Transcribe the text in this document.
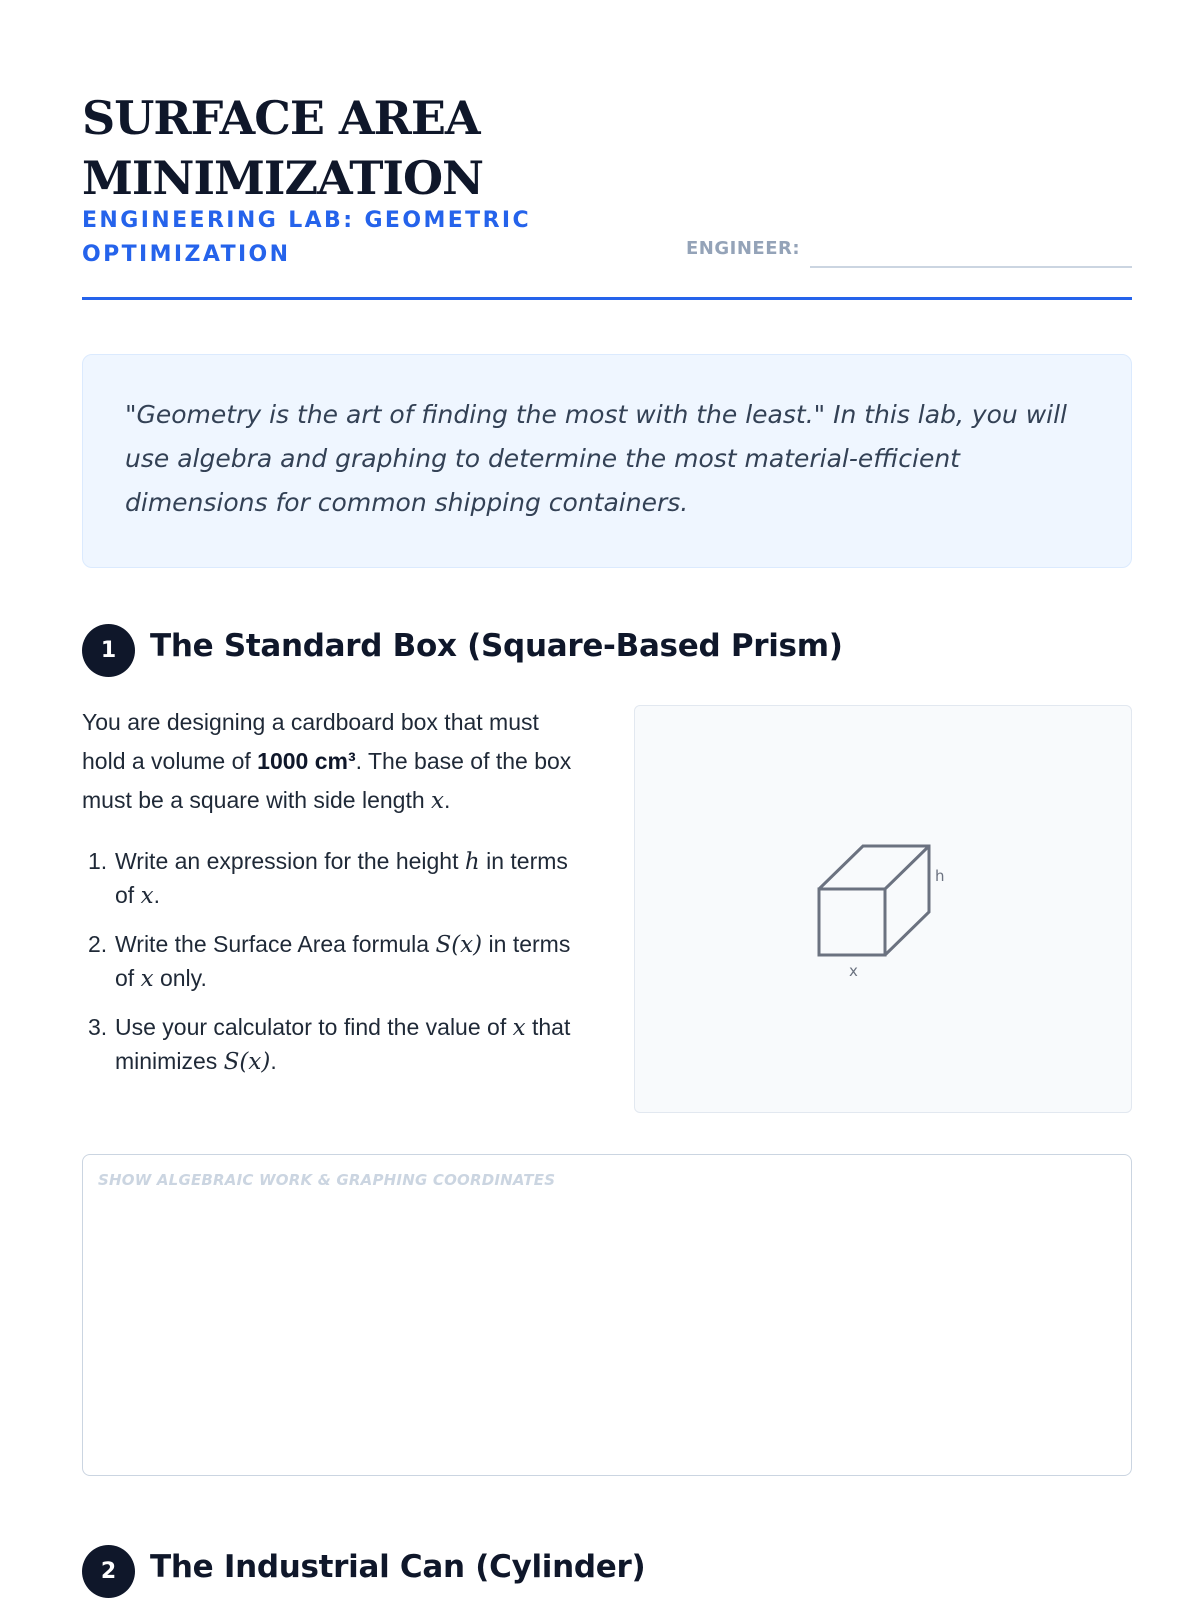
SURFACE AREA
MINIMIZATION
ENGINEERING LAB: GEOMETRIC
OPTIMIZATION	ENGINEER:

"Geometry is the art of finding the most with the least." In this lab, you will use algebra and graphing to determine the most material-efficient dimensions for common shipping containers.

1	The Standard Box (Square-Based Prism)

You are designing a cardboard box that must hold a volume of 1000 cm³. The base of the box must be a square with side length x.

1. Write an expression for the height h in terms of x.
2. Write the Surface Area formula S(x) in terms of x only.
3. Use your calculator to find the value of x that minimizes S(x).
h
x
SHOW ALGEBRAIC WORK & GRAPHING COORDINATES
2	The Industrial Can (Cylinder)
